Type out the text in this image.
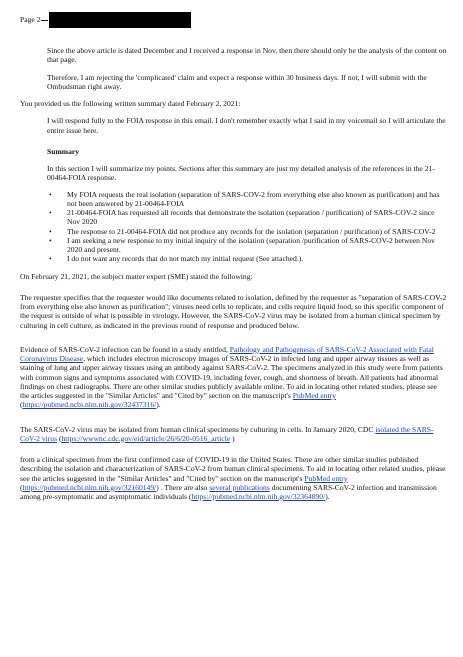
Page 2

Since the above article is dated December and I received a response in Nov, then there should only be the analysis of the content on that page.

Therefore, I am rejecting the 'complicated' claim and expect a response within 30 business days. If not, I will submit with the Ombudsman right away.

You provided us the following written summary dated February 2, 2021:

I will respond fully to the FOIA response in this email. I don't remember exactly what I said in my voicemail so I will articulate the entire issue here.

Summary

In this section I will summarize my points. Sections after this summary are just my detailed analysis of the references in the 21-00464-FOIA response.

• My FOIA requests the real isolation (separation of SARS-COV-2 from everything else also known as purification) and has not been answered by 21-00464-FOIA
• 21-00464-FOIA has requested all records that demonstrate the isolation (separation / purification) of SARS-COV-2 since Nov 2020
• The response to 21-00464-FOIA did not produce any records for the isolation (separation / purification) of SARS-COV-2
• I am seeking a new response to my initial inquiry of the isolation (separation /purification of SARS-COV-2 between Nov 2020 and present.
• I do not want any records that do not match my initial request (See attached.).

On February 21, 2021, the subject matter expert (SME) stated the following:

The requester specifies that the requester would like documents related to isolation, defined by the requester as "separation of SARS-COV-2 from everything else also known as purification"; viruses need cells to replicate, and cells require liquid food, so this specific component of the request is outside of what is possible in virology. However, the SARS-CoV-2 virus may be isolated from a human clinical specimen by culturing in cell culture, as indicated in the previous round of response and produced below.

Evidence of SARS-CoV-2 infection can be found in a study entitled, Pathology and Pathogenesis of SARS-CoV-2 Associated with Fatal Coronavirus Disease, which includes electron microscopy images of SARS-CoV-2 in infected lung and upper airway tissues as well as staining of lung and upper airway tissues using an antibody against SARS-CoV-2. The specimens analyzed in this study were from patients with common signs and symptoms associated with COVID-19, including fever, cough, and shortness of breath. All patients had abnormal findings on chest radiographs. There are other similar studies publicly available online. To aid in locating other related studies, please see the articles suggested in the "Similar Articles" and "Cited by" section on the manuscript's PubMed entry (https://pubmed.ncbi.nlm.nih.gov/32437316/).

The SARS-CoV-2 virus may be isolated from human clinical specimens by culturing in cells. In January 2020, CDC isolated the SARS-CoV-2 virus (https://wwwnc.cdc.gov/eid/article/26/6/20-0516_article )

from a clinical specimen from the first confirmed case of COVID-19 in the United States. There are other similar studies published describing the isolation and characterization of SARS-CoV-2 from human clinical specimens. To aid in locating other related studies, please see the articles suggested in the "Similar Articles" and "Cited by" section on the manuscript's PubMed entry (https://pubmed.ncbi.nlm.nih.gov/32160149/) . There are also several publications documenting SARS-CoV-2 infection and transmission among pre-symptomatic and asymptomatic individuals (https://pubmed.ncbi.nlm.nih.gov/32364890/).
